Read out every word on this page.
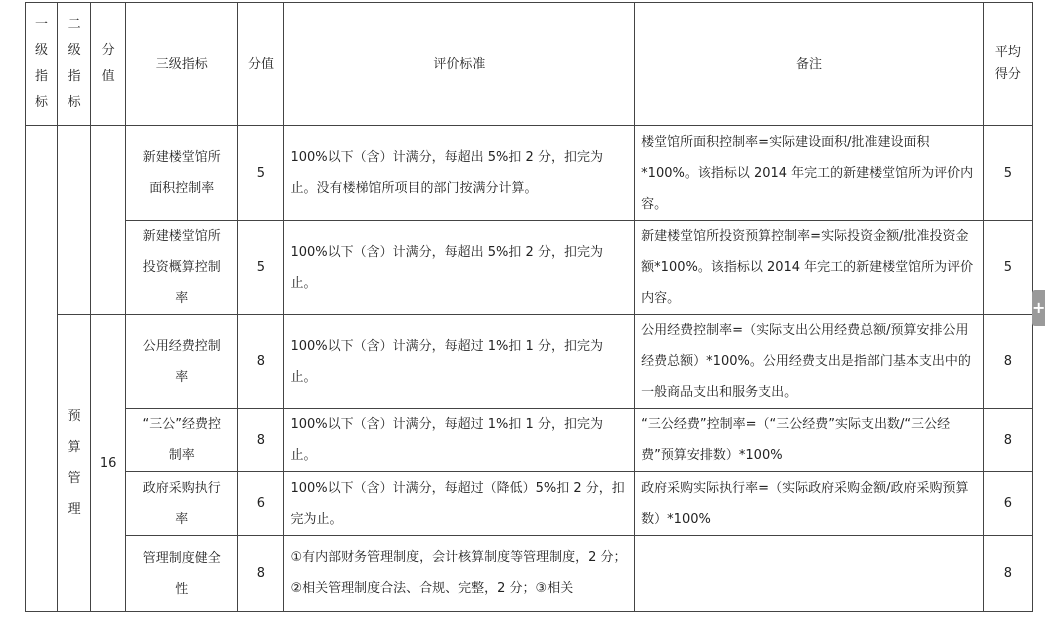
一级指标	二级指标	分值	三级指标	分值	评价标准	备注	平均得分

			新建楼堂馆所面积控制率	5	100%以下（含）计满分，每超出 5%扣 2 分，扣完为止。没有楼梯馆所项目的部门按满分计算。	楼堂馆所面积控制率=实际建设面积/批准建设面积*100%。该指标以 2014 年完工的新建楼堂馆所为评价内容。	5

			新建楼堂馆所投资概算控制率	5	100%以下（含）计满分，每超出 5%扣 2 分，扣完为止。	新建楼堂馆所投资预算控制率=实际投资金额/批准投资金额*100%。该指标以 2014 年完工的新建楼堂馆所为评价内容。	5

	预算管理	16	公用经费控制率	8	100%以下（含）计满分，每超过 1%扣 1 分，扣完为止。	公用经费控制率=（实际支出公用经费总额/预算安排公用经费总额）*100%。公用经费支出是指部门基本支出中的一般商品支出和服务支出。	8

			“三公”经费控制率	8	100%以下（含）计满分，每超过 1%扣 1 分，扣完为止。	“三公经费”控制率=（“三公经费”实际支出数/“三公经费”预算安排数）*100%	8

			政府采购执行率	6	100%以下（含）计满分，每超过（降低）5%扣 2 分，扣完为止。	政府采购实际执行率=（实际政府采购金额/政府采购预算数）*100%	6

			管理制度健全性	8	①有内部财务管理制度，会计核算制度等管理制度，2 分；②相关管理制度合法、合规、完整，2 分；③相关		8
+
